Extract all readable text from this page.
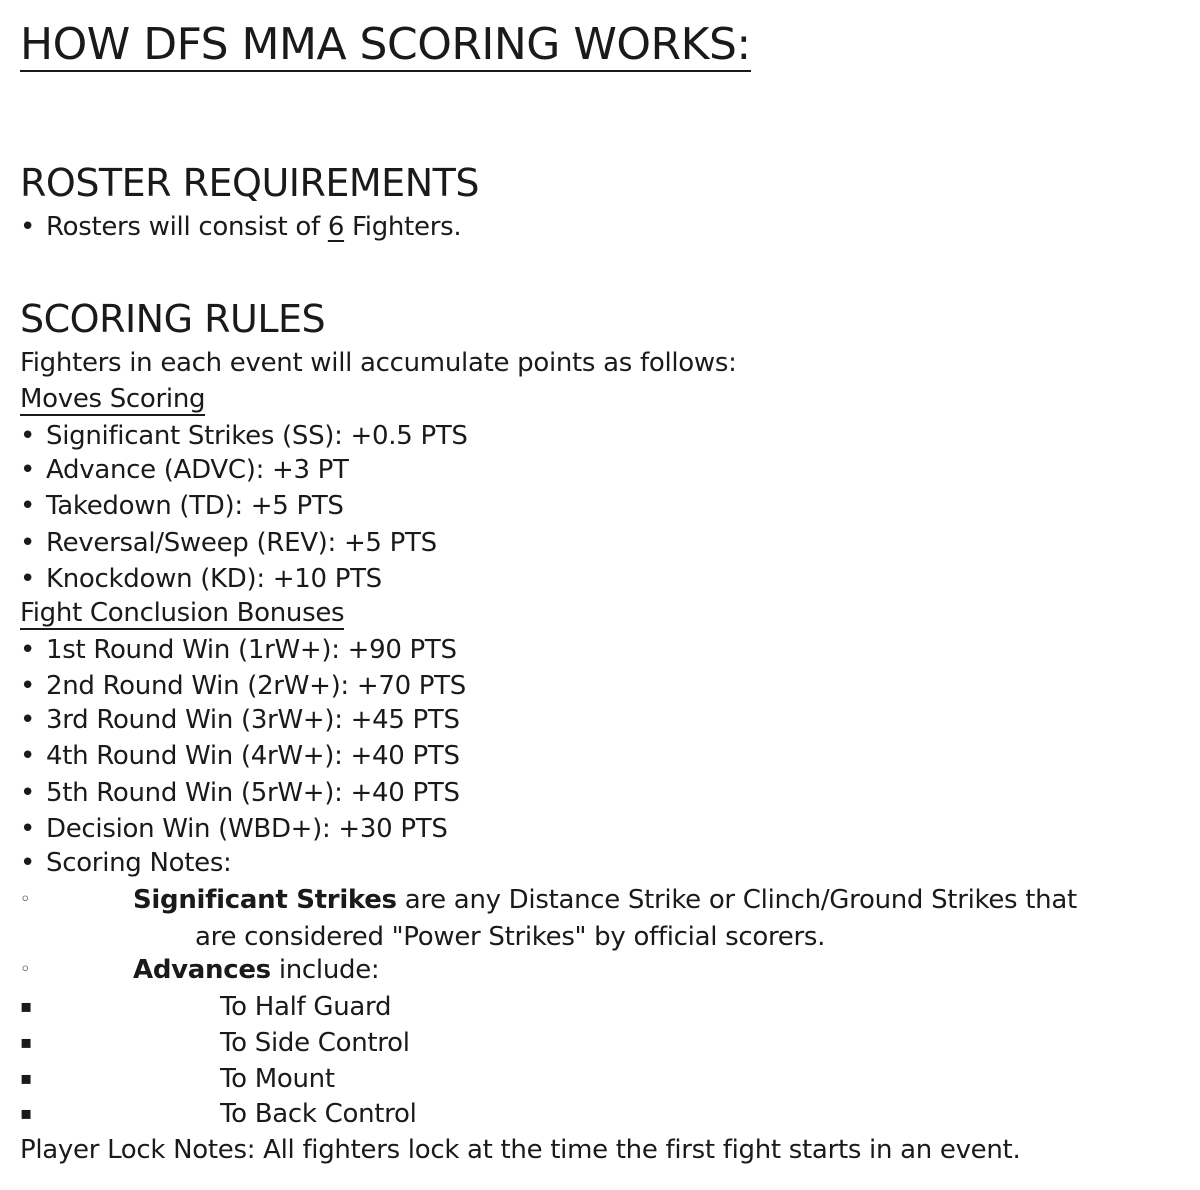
HOW DFS MMA SCORING WORKS:
ROSTER REQUIREMENTS
• Rosters will consist of 6 Fighters.
SCORING RULES
Fighters in each event will accumulate points as follows:
Moves Scoring
• Significant Strikes (SS): +0.5 PTS
• Advance (ADVC): +3 PT
• Takedown (TD): +5 PTS
• Reversal/Sweep (REV): +5 PTS
• Knockdown (KD): +10 PTS
Fight Conclusion Bonuses
• 1st Round Win (1rW+): +90 PTS
• 2nd Round Win (2rW+): +70 PTS
• 3rd Round Win (3rW+): +45 PTS
• 4th Round Win (4rW+): +40 PTS
• 5th Round Win (5rW+): +40 PTS
• Decision Win (WBD+): +30 PTS
• Scoring Notes:
◦	Significant Strikes are any Distance Strike or Clinch/Ground Strikes that
are considered "Power Strikes" by official scorers.
◦	Advances include:
▪	To Half Guard
▪	To Side Control
▪	To Mount
▪	To Back Control
Player Lock Notes: All fighters lock at the time the first fight starts in an event.
